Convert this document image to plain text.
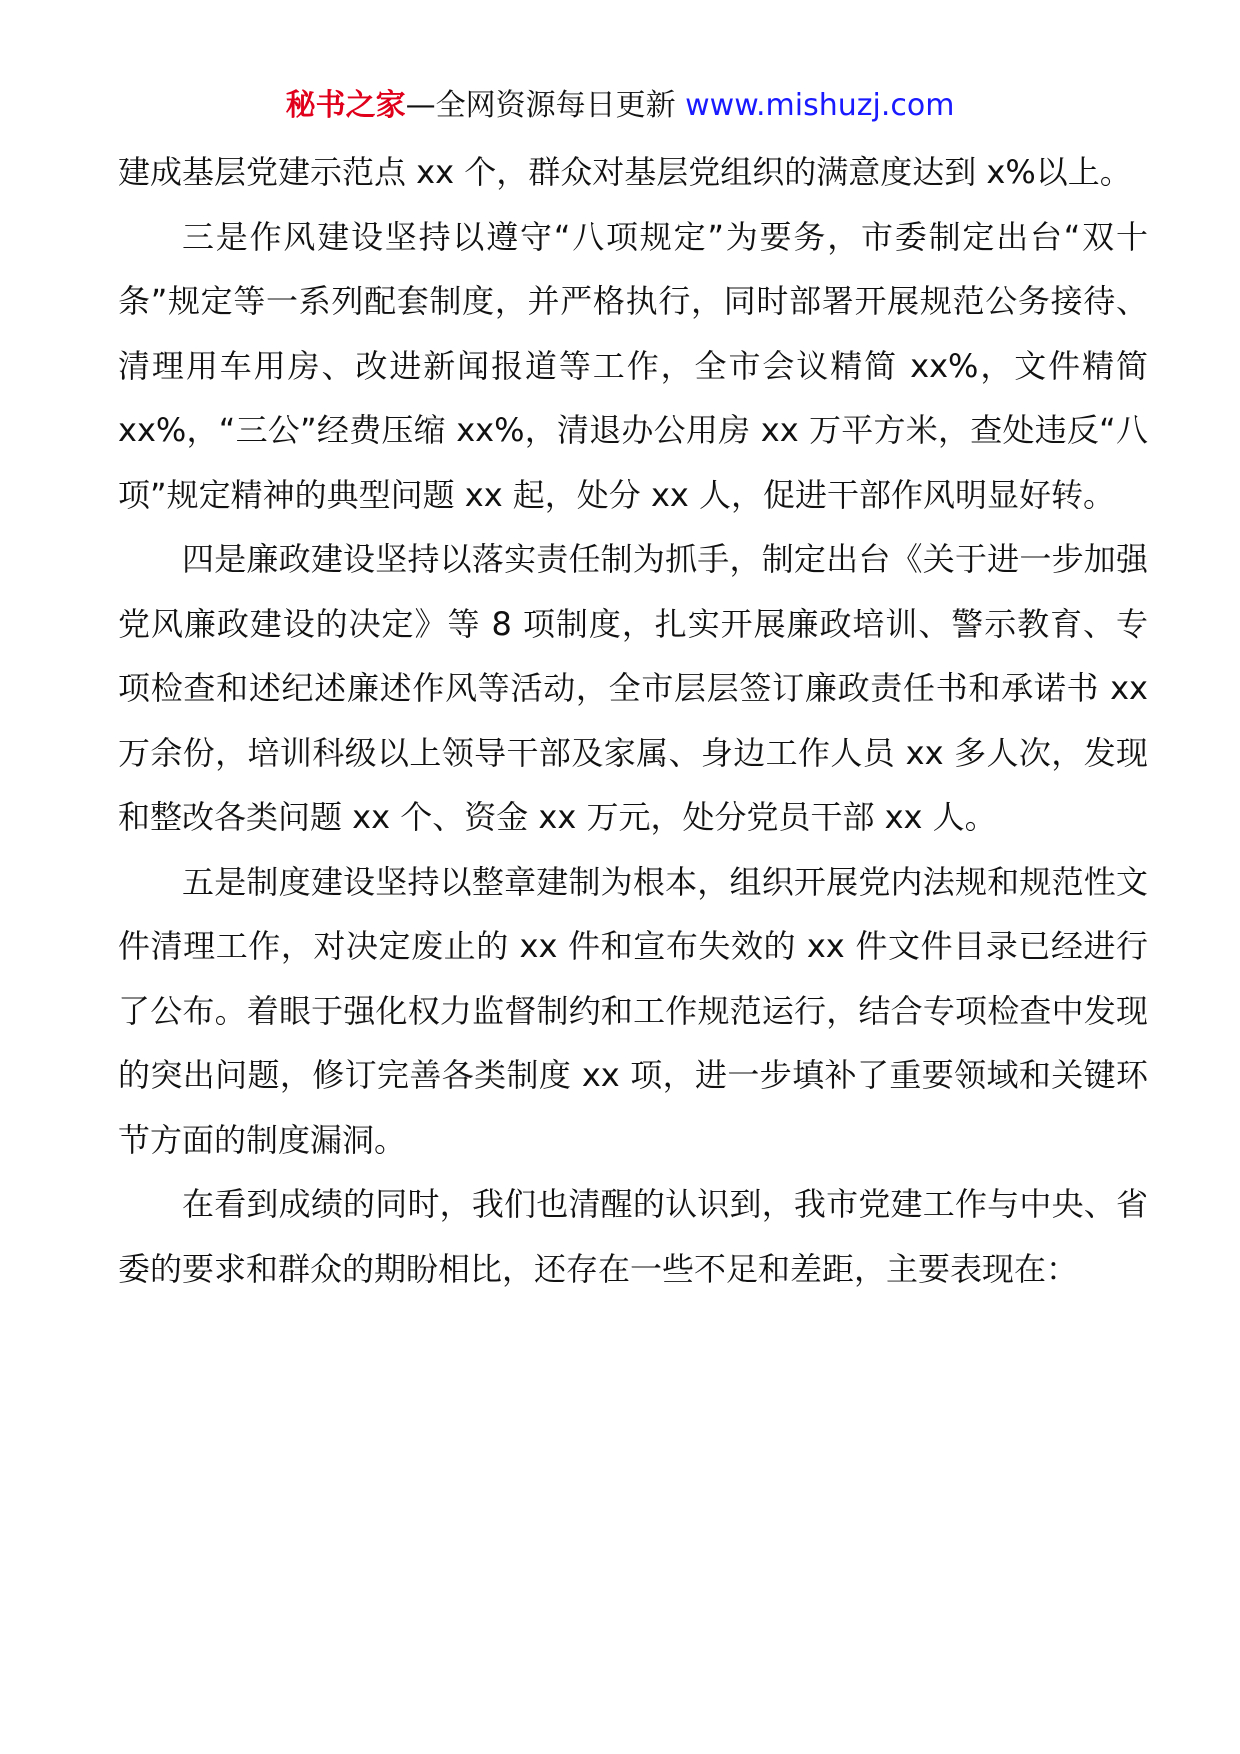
秘书之家—全网资源每日更新 www.mishuzj.com

建成基层党建示范点 xx 个，群众对基层党组织的满意度达到 x%以上。

三是作风建设坚持以遵守“八项规定”为要务，市委制定出台“双十条”规定等一系列配套制度，并严格执行，同时部署开展规范公务接待、清理用车用房、改进新闻报道等工作，全市会议精简 xx%，文件精简 xx%，“三公”经费压缩 xx%，清退办公用房 xx 万平方米，查处违反“八项”规定精神的典型问题 xx 起，处分 xx 人，促进干部作风明显好转。

四是廉政建设坚持以落实责任制为抓手，制定出台《关于进一步加强党风廉政建设的决定》等 8 项制度，扎实开展廉政培训、警示教育、专项检查和述纪述廉述作风等活动，全市层层签订廉政责任书和承诺书 xx 万余份，培训科级以上领导干部及家属、身边工作人员 xx 多人次，发现和整改各类问题 xx 个、资金 xx 万元，处分党员干部 xx 人。

五是制度建设坚持以整章建制为根本，组织开展党内法规和规范性文件清理工作，对决定废止的 xx 件和宣布失效的 xx 件文件目录已经进行了公布。着眼于强化权力监督制约和工作规范运行，结合专项检查中发现的突出问题，修订完善各类制度 xx 项，进一步填补了重要领域和关键环节方面的制度漏洞。

在看到成绩的同时，我们也清醒的认识到，我市党建工作与中央、省委的要求和群众的期盼相比，还存在一些不足和差距，主要表现在：
